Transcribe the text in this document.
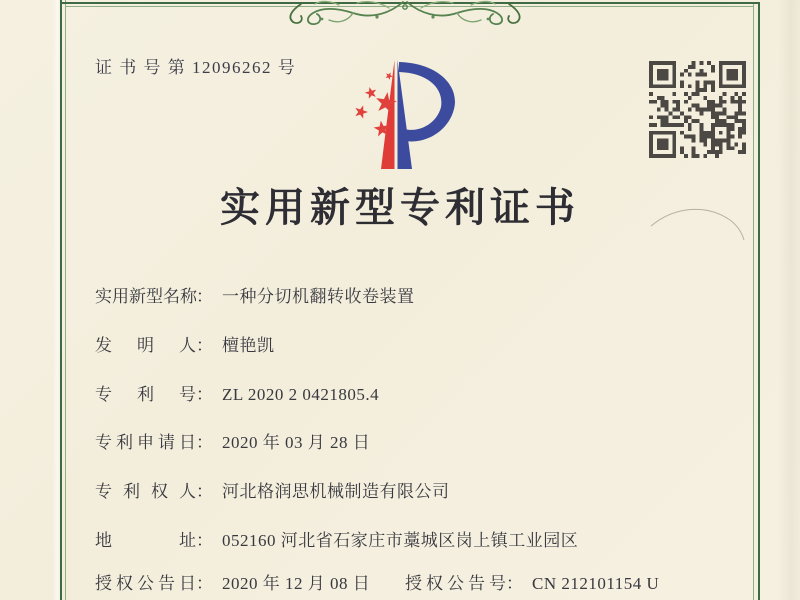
证 书 号 第 12096262 号
实用新型专利证书
实用新型名称 ： 一种分切机翻转收卷装置
发明人 ： 檀艳凯
专利号 ： ZL 2020 2 0421805.4
专利申请日 ： 2020 年 03 月 28 日
专利权人 ： 河北格润思机械制造有限公司
地址 ： 052160 河北省石家庄市藁城区岗上镇工业园区
授权公告日 ： 2020 年 12 月 08 日 授权公告号 ： CN 212101154 U
